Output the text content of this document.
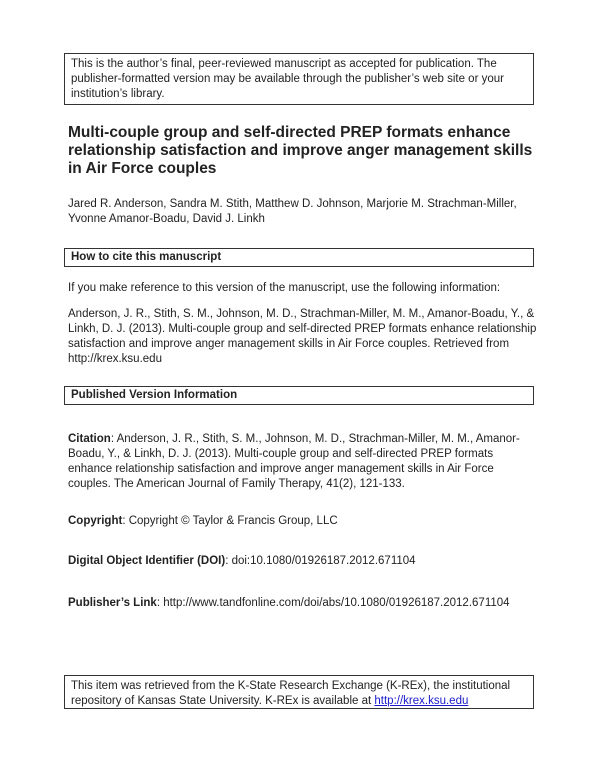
This is the author’s final, peer-reviewed manuscript as accepted for publication. The publisher-formatted version may be available through the publisher’s web site or your institution’s library.
Multi-couple group and self-directed PREP formats enhance relationship satisfaction and improve anger management skills in Air Force couples

Jared R. Anderson, Sandra M. Stith, Matthew D. Johnson, Marjorie M. Strachman-Miller, Yvonne Amanor-Boadu, David J. Linkh

How to cite this manuscript

If you make reference to this version of the manuscript, use the following information:

Anderson, J. R., Stith, S. M., Johnson, M. D., Strachman-Miller, M. M., Amanor-Boadu, Y., & Linkh, D. J. (2013). Multi-couple group and self-directed PREP formats enhance relationship satisfaction and improve anger management skills in Air Force couples. Retrieved from http://krex.ksu.edu

Published Version Information

Citation: Anderson, J. R., Stith, S. M., Johnson, M. D., Strachman-Miller, M. M., Amanor-Boadu, Y., & Linkh, D. J. (2013). Multi-couple group and self-directed PREP formats enhance relationship satisfaction and improve anger management skills in Air Force couples. The American Journal of Family Therapy, 41(2), 121-133.

Copyright: Copyright © Taylor & Francis Group, LLC

Digital Object Identifier (DOI): doi:10.1080/01926187.2012.671104

Publisher’s Link: http://www.tandfonline.com/doi/abs/10.1080/01926187.2012.671104

This item was retrieved from the K-State Research Exchange (K-REx), the institutional repository of Kansas State University. K-REx is available at http://krex.ksu.edu
